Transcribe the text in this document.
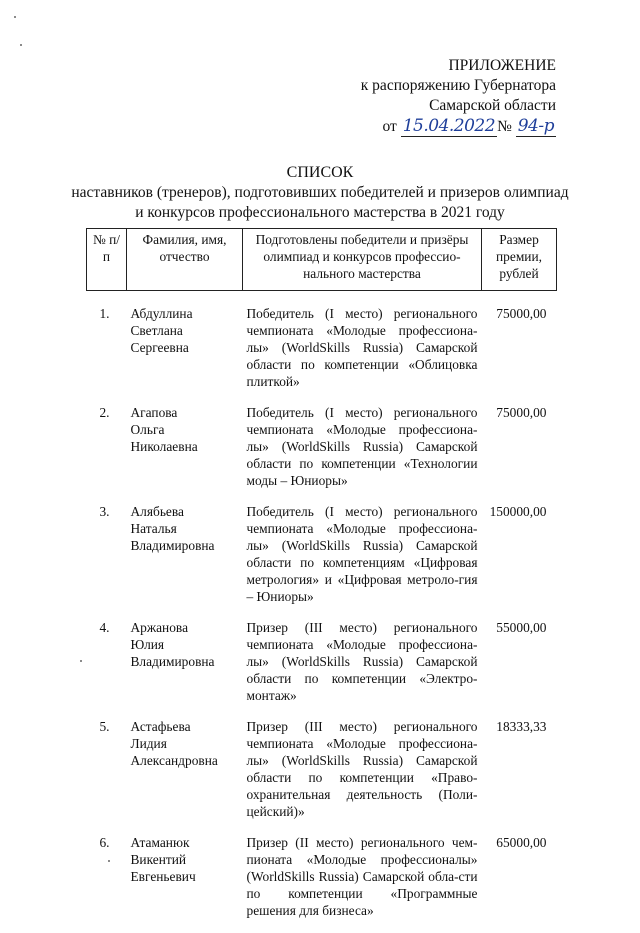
ПРИЛОЖЕНИЕ
к распоряжению Губернатора
Самарской области
от 15.04.2022 № 94-р
СПИСОК
наставников (тренеров), подготовивших победителей и призеров олимпиад
и конкурсов профессионального мастерства в 2021 году
№ п/п	Фамилия, имя, отчество	Подготовлены победители и призёры олимпиад и конкурсов профессио-нального мастерства	Размер премии, рублей

1.	Абдуллина
Светлана
Сергеевна	Победитель (I место) регионального чемпионата «Молодые профессиона-лы» (WorldSkills Russia) Самарской области по компетенции «Облицовка плиткой»	75000,00
2.	Агапова
Ольга
Николаевна	Победитель (I место) регионального чемпионата «Молодые профессиона-лы» (WorldSkills Russia) Самарской области по компетенции «Технологии моды – Юниоры»	75000,00
3.	Алябьева
Наталья
Владимировна	Победитель (I место) регионального чемпионата «Молодые профессиона-лы» (WorldSkills Russia) Самарской области по компетенциям «Цифровая метрология» и «Цифровая метроло-гия – Юниоры»	150000,00
4.	Аржанова
Юлия
Владимировна	Призер (III место) регионального чемпионата «Молодые профессиона-лы» (WorldSkills Russia) Самарской области по компетенции «Электро-монтаж»	55000,00
5.	Астафьева
Лидия
Александровна	Призер (III место) регионального чемпионата «Молодые профессиона-лы» (WorldSkills Russia) Самарской области по компетенции «Право-охранительная деятельность (Поли-цейский)»	18333,33
6.	Атаманюк
Викентий
Евгеньевич	Призер (II место) регионального чем-пионата «Молодые профессионалы» (WorldSkills Russia) Самарской обла-сти по компетенции «Программные решения для бизнеса»	65000,00
